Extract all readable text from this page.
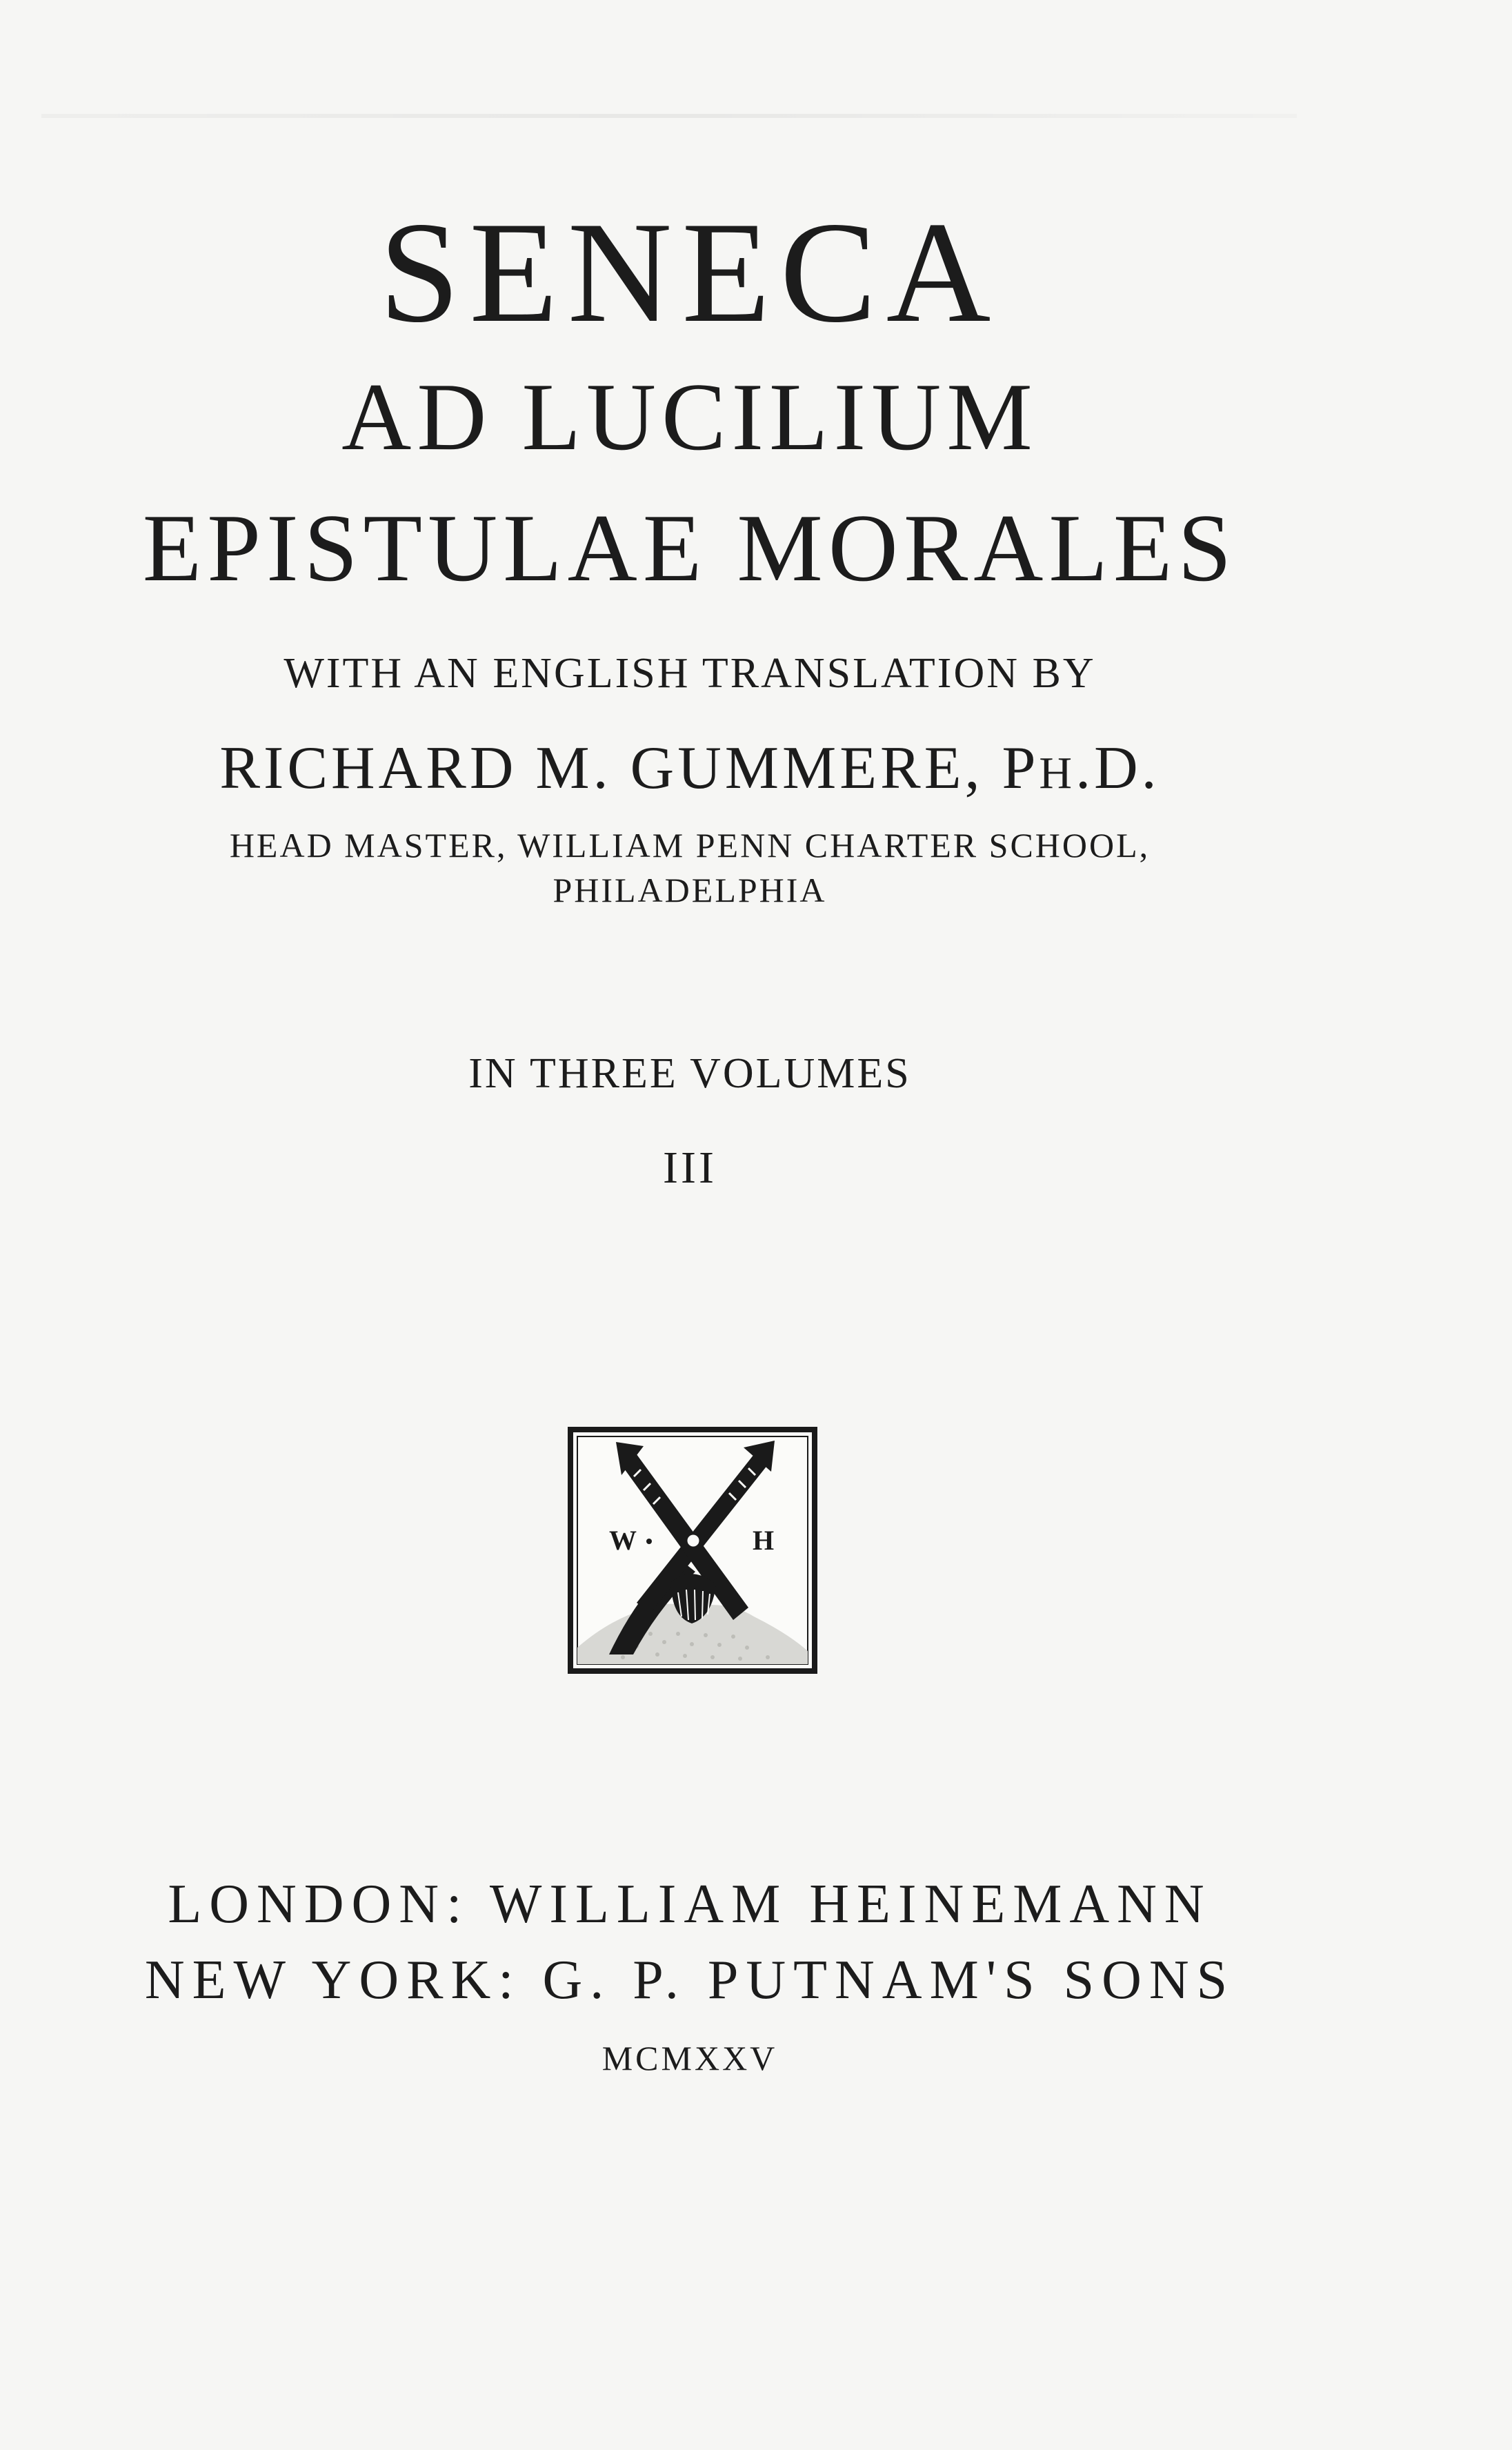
SENECA
AD LUCILIUM
EPISTULAE MORALES
WITH AN ENGLISH TRANSLATION BY
RICHARD M. GUMMERE, PH.D.
HEAD MASTER, WILLIAM PENN CHARTER SCHOOL,
PHILADELPHIA
IN THREE VOLUMES
III
W	H
LONDON: WILLIAM HEINEMANN
NEW YORK: G. P. PUTNAM'S SONS
MCMXXV
